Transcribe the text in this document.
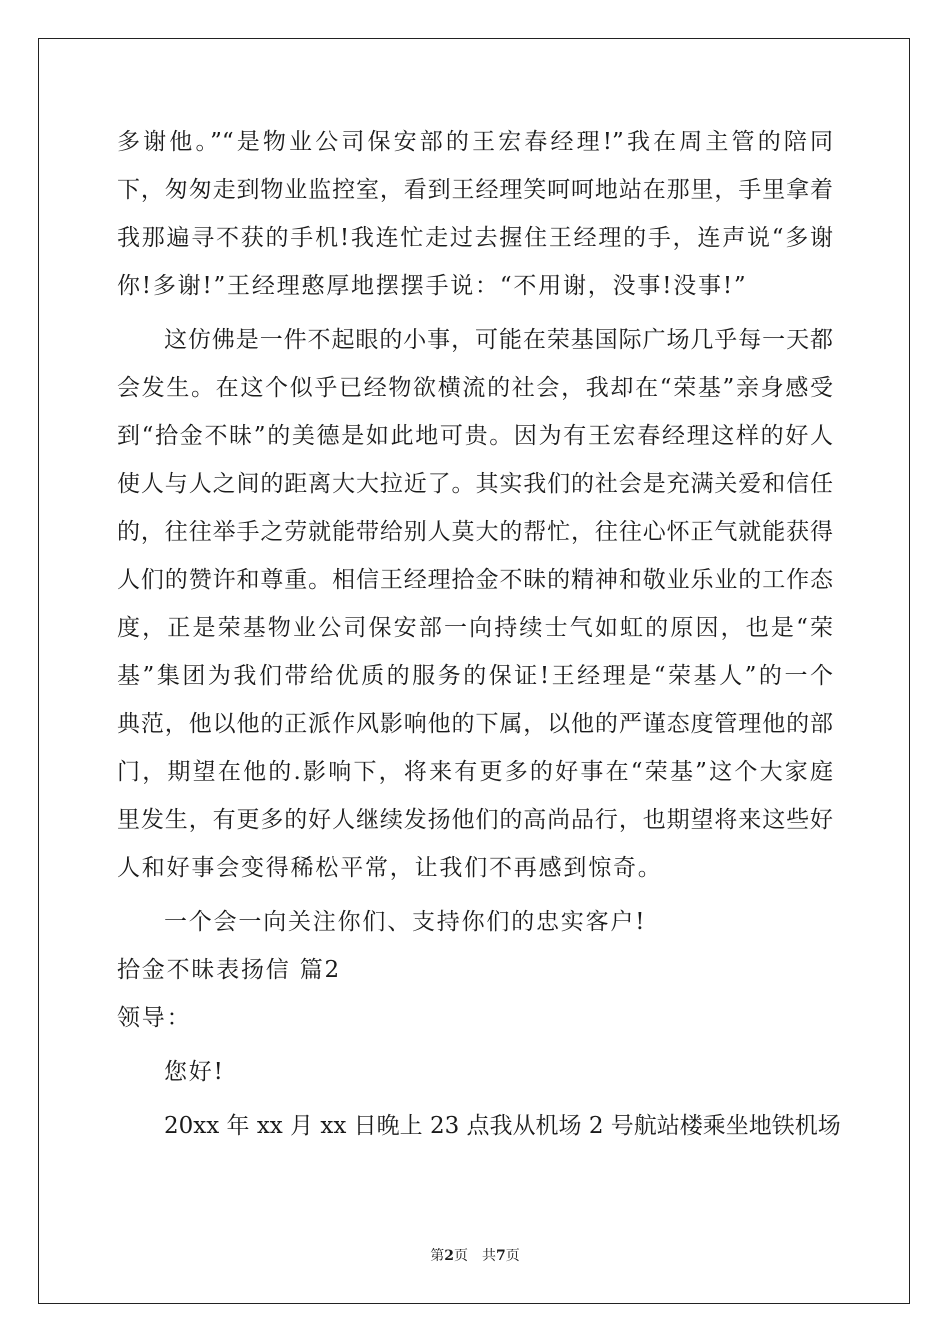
多谢他。”“是物业公司保安部的王宏春经理!”我在周主管的陪同
下，匆匆走到物业监控室，看到王经理笑呵呵地站在那里，手里拿着
我那遍寻不获的手机!我连忙走过去握住王经理的手，连声说“多谢
你!多谢!”王经理憨厚地摆摆手说：“不用谢，没事!没事!”
这仿佛是一件不起眼的小事，可能在荣基国际广场几乎每一天都
会发生。在这个似乎已经物欲横流的社会，我却在“荣基”亲身感受
到“拾金不昧”的美德是如此地可贵。因为有王宏春经理这样的好人
使人与人之间的距离大大拉近了。其实我们的社会是充满关爱和信任
的，往往举手之劳就能带给别人莫大的帮忙，往往心怀正气就能获得
人们的赞许和尊重。相信王经理拾金不昧的精神和敬业乐业的工作态
度，正是荣基物业公司保安部一向持续士气如虹的原因，也是“荣
基”集团为我们带给优质的服务的保证!王经理是“荣基人”的一个
典范，他以他的正派作风影响他的下属，以他的严谨态度管理他的部
门，期望在他的.影响下，将来有更多的好事在“荣基”这个大家庭
里发生，有更多的好人继续发扬他们的高尚品行，也期望将来这些好
人和好事会变得稀松平常，让我们不再感到惊奇。
一个会一向关注你们、支持你们的忠实客户!
拾金不昧表扬信 篇2
领导：
您好!
20xx 年 xx 月 xx 日晚上 23 点我从机场 2 号航站楼乘坐地铁机场
第2页 共7页
